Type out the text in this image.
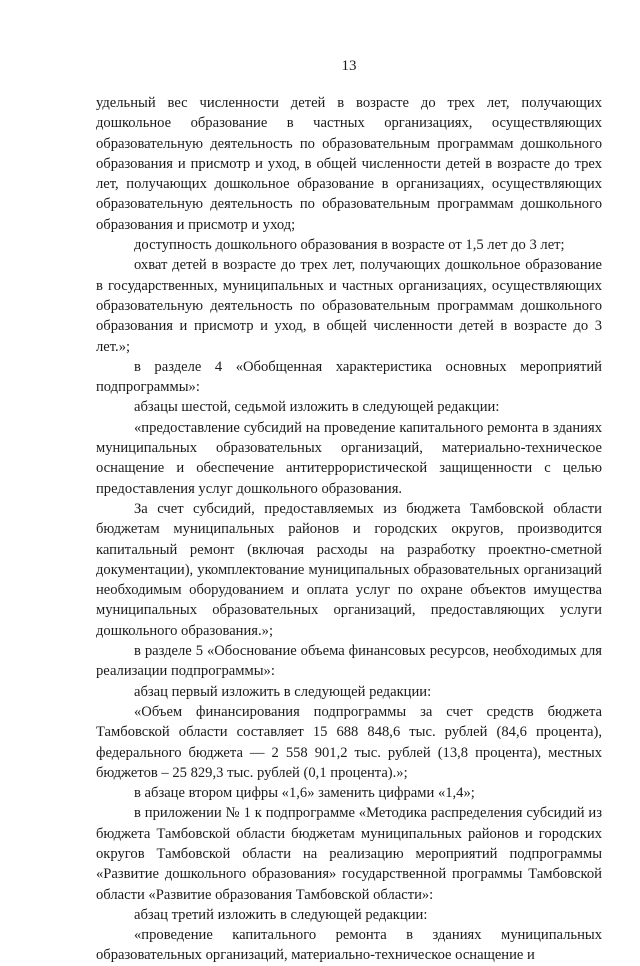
13

удельный вес численности детей в возрасте до трех лет, получающих дошкольное образование в частных организациях, осуществляющих образовательную деятельность по образовательным программам дошкольного образования и присмотр и уход, в общей численности детей в возрасте до трех лет, получающих дошкольное образование в организациях, осуществляющих образовательную деятельность по образовательным программам дошкольного образования и присмотр и уход;

доступность дошкольного образования в возрасте от 1,5 лет до 3 лет;

охват детей в возрасте до трех лет, получающих дошкольное образование в государственных, муниципальных и частных организациях, осуществляющих образовательную деятельность по образовательным программам дошкольного образования и присмотр и уход, в общей численности детей в возрасте до 3 лет.»;

в разделе 4 «Обобщенная характеристика основных мероприятий подпрограммы»:

абзацы шестой, седьмой изложить в следующей редакции:

«предоставление субсидий на проведение капитального ремонта в зданиях муниципальных образовательных организаций, материально-техническое оснащение и обеспечение антитеррористической защищенности с целью предоставления услуг дошкольного образования.

За счет субсидий, предоставляемых из бюджета Тамбовской области бюджетам муниципальных районов и городских округов, производится капитальный ремонт (включая расходы на разработку проектно-сметной документации), укомплектование муниципальных образовательных организаций необходимым оборудованием и оплата услуг по охране объектов имущества муниципальных образовательных организаций, предоставляющих услуги дошкольного образования.»;

в разделе 5 «Обоснование объема финансовых ресурсов, необходимых для реализации подпрограммы»:

абзац первый изложить в следующей редакции:

«Объем финансирования подпрограммы за счет средств бюджета Тамбовской области составляет 15 688 848,6 тыс. рублей (84,6 процента), федерального бюджета — 2 558 901,2 тыс. рублей (13,8 процента), местных бюджетов – 25 829,3 тыс. рублей (0,1 процента).»;

в абзаце втором цифры «1,6» заменить цифрами «1,4»;

в приложении № 1 к подпрограмме «Методика распределения субсидий из бюджета Тамбовской области бюджетам муниципальных районов и городских округов Тамбовской области на реализацию мероприятий подпрограммы «Развитие дошкольного образования» государственной программы Тамбовской области «Развитие образования Тамбовской области»:

абзац третий изложить в следующей редакции:

«проведение капитального ремонта в зданиях муниципальных образовательных организаций, материально-техническое оснащение и
